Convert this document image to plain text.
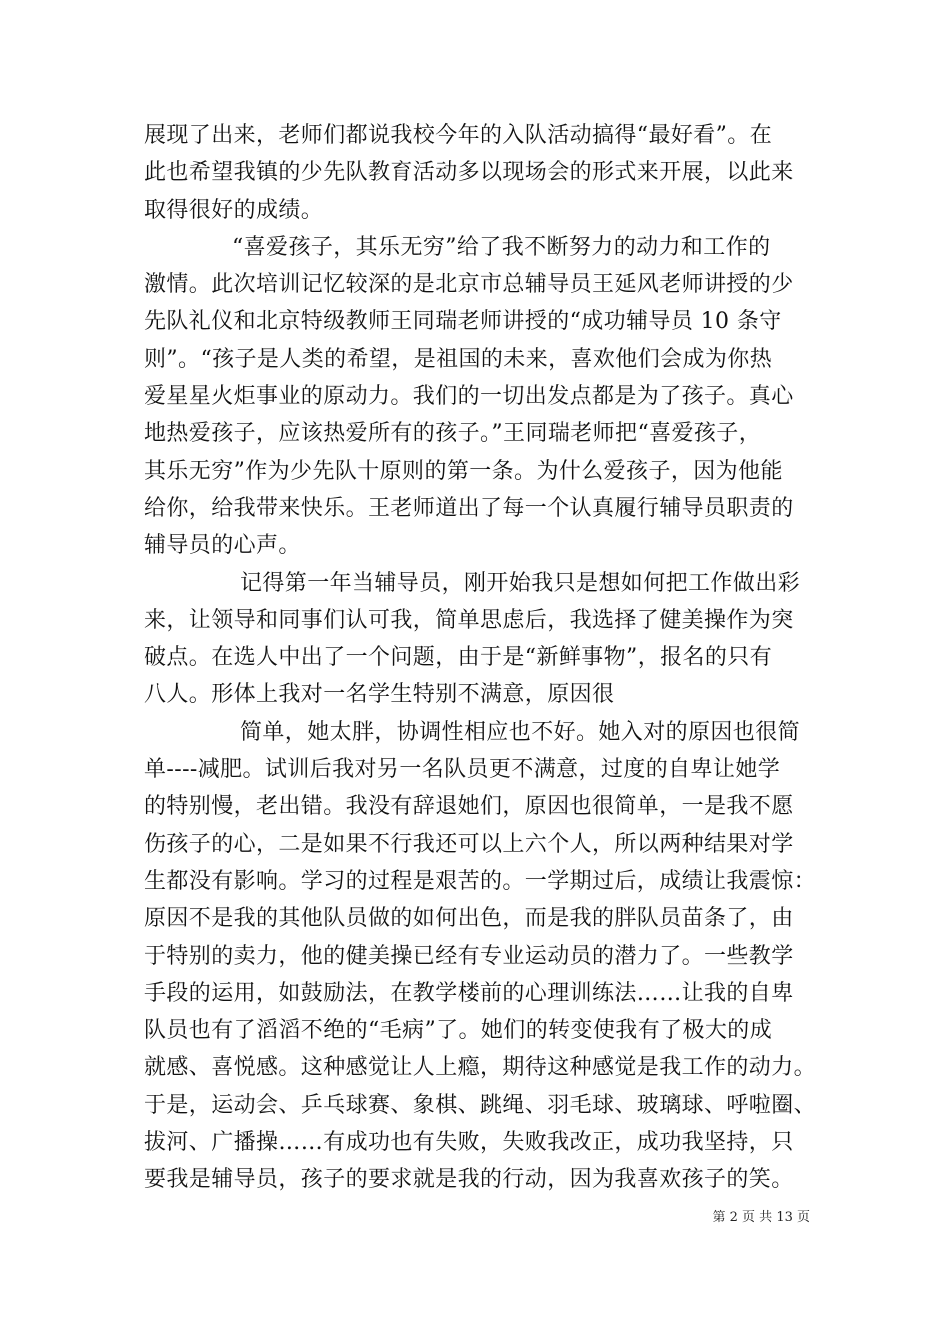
展现了出来，老师们都说我校今年的入队活动搞得“最好看”。在
此也希望我镇的少先队教育活动多以现场会的形式来开展，以此来
取得很好的成绩。
“喜爱孩子，其乐无穷”给了我不断努力的动力和工作的
激情。此次培训记忆较深的是北京市总辅导员王延风老师讲授的少
先队礼仪和北京特级教师王同瑞老师讲授的“成功辅导员 10 条守
则”。“孩子是人类的希望，是祖国的未来，喜欢他们会成为你热
爱星星火炬事业的原动力。我们的一切出发点都是为了孩子。真心
地热爱孩子，应该热爱所有的孩子。”王同瑞老师把“喜爱孩子，
其乐无穷”作为少先队十原则的第一条。为什么爱孩子，因为他能
给你，给我带来快乐。王老师道出了每一个认真履行辅导员职责的
辅导员的心声。
记得第一年当辅导员，刚开始我只是想如何把工作做出彩
来，让领导和同事们认可我，简单思虑后，我选择了健美操作为突
破点。在选人中出了一个问题，由于是“新鲜事物”，报名的只有
八人。形体上我对一名学生特别不满意，原因很
简单，她太胖，协调性相应也不好。她入对的原因也很简
单----减肥。试训后我对另一名队员更不满意，过度的自卑让她学
的特别慢，老出错。我没有辞退她们，原因也很简单，一是我不愿
伤孩子的心，二是如果不行我还可以上六个人，所以两种结果对学
生都没有影响。学习的过程是艰苦的。一学期过后，成绩让我震惊：
原因不是我的其他队员做的如何出色，而是我的胖队员苗条了，由
于特别的卖力，他的健美操已经有专业运动员的潜力了。一些教学
手段的运用，如鼓励法，在教学楼前的心理训练法……让我的自卑
队员也有了滔滔不绝的“毛病”了。她们的转变使我有了极大的成
就感、喜悦感。这种感觉让人上瘾，期待这种感觉是我工作的动力。
于是，运动会、乒乓球赛、象棋、跳绳、羽毛球、玻璃球、呼啦圈、
拔河、广播操……有成功也有失败，失败我改正，成功我坚持，只
要我是辅导员，孩子的要求就是我的行动，因为我喜欢孩子的笑。
第 2 页 共 13 页
